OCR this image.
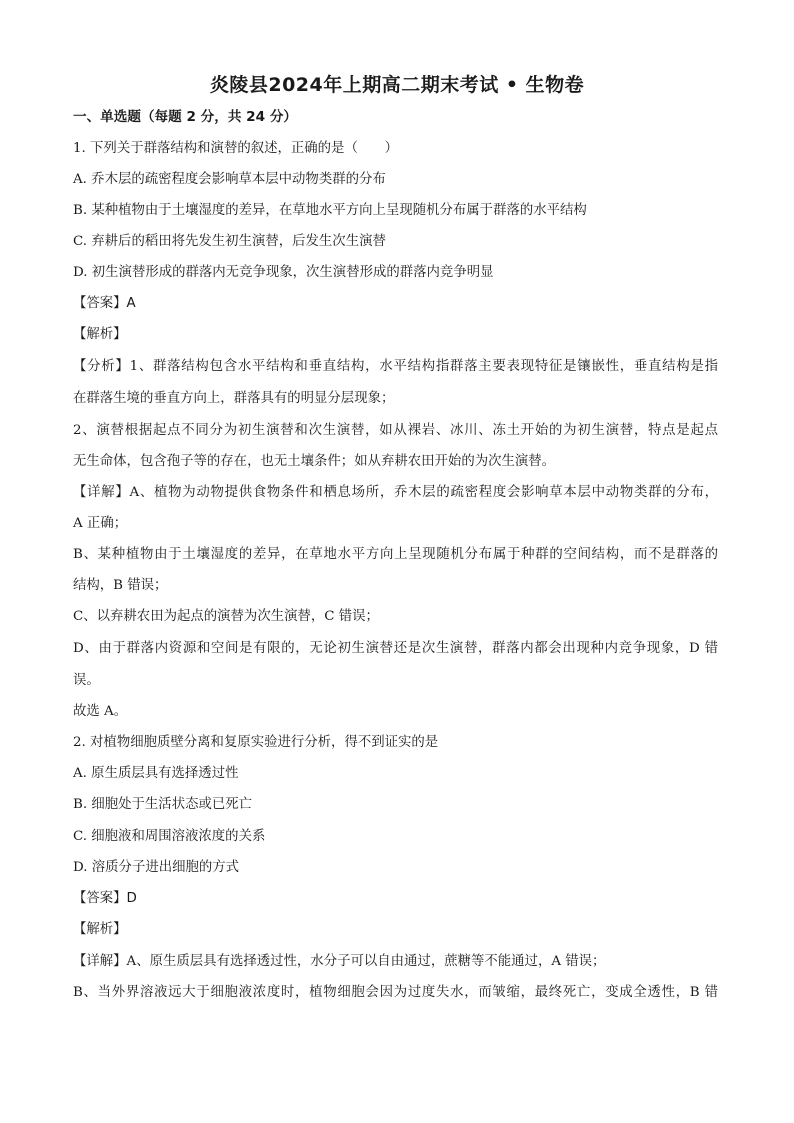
炎陵县2024年上期高二期末考试 • 生物卷
一、单选题（每题 2 分，共 24 分）
1. 下列关于群落结构和演替的叙述，正确的是（　　）
A. 乔木层的疏密程度会影响草本层中动物类群的分布
B. 某种植物由于土壤湿度的差异，在草地水平方向上呈现随机分布属于群落的水平结构
C. 弃耕后的稻田将先发生初生演替，后发生次生演替
D. 初生演替形成的群落内无竞争现象，次生演替形成的群落内竞争明显
【答案】A
【解析】
【分析】1、群落结构包含水平结构和垂直结构，水平结构指群落主要表现特征是镶嵌性，垂直结构是指
在群落生境的垂直方向上，群落具有的明显分层现象；
2、演替根据起点不同分为初生演替和次生演替，如从裸岩、冰川、冻土开始的为初生演替，特点是起点
无生命体，包含孢子等的存在，也无土壤条件；如从弃耕农田开始的为次生演替。
【详解】A、植物为动物提供食物条件和栖息场所，乔木层的疏密程度会影响草本层中动物类群的分布，
A 正确；
B、某种植物由于土壤湿度的差异，在草地水平方向上呈现随机分布属于种群的空间结构，而不是群落的
结构，B 错误；
C、以弃耕农田为起点的演替为次生演替，C 错误；
D、由于群落内资源和空间是有限的，无论初生演替还是次生演替，群落内都会出现种内竞争现象，D 错
误。
故选 A。
2. 对植物细胞质壁分离和复原实验进行分析，得不到证实的是
A. 原生质层具有选择透过性
B. 细胞处于生活状态或已死亡
C. 细胞液和周围溶液浓度的关系
D. 溶质分子进出细胞的方式
【答案】D
【解析】
【详解】A、原生质层具有选择透过性，水分子可以自由通过，蔗糖等不能通过，A 错误；
B、当外界溶液远大于细胞液浓度时，植物细胞会因为过度失水，而皱缩，最终死亡，变成全透性，B 错
